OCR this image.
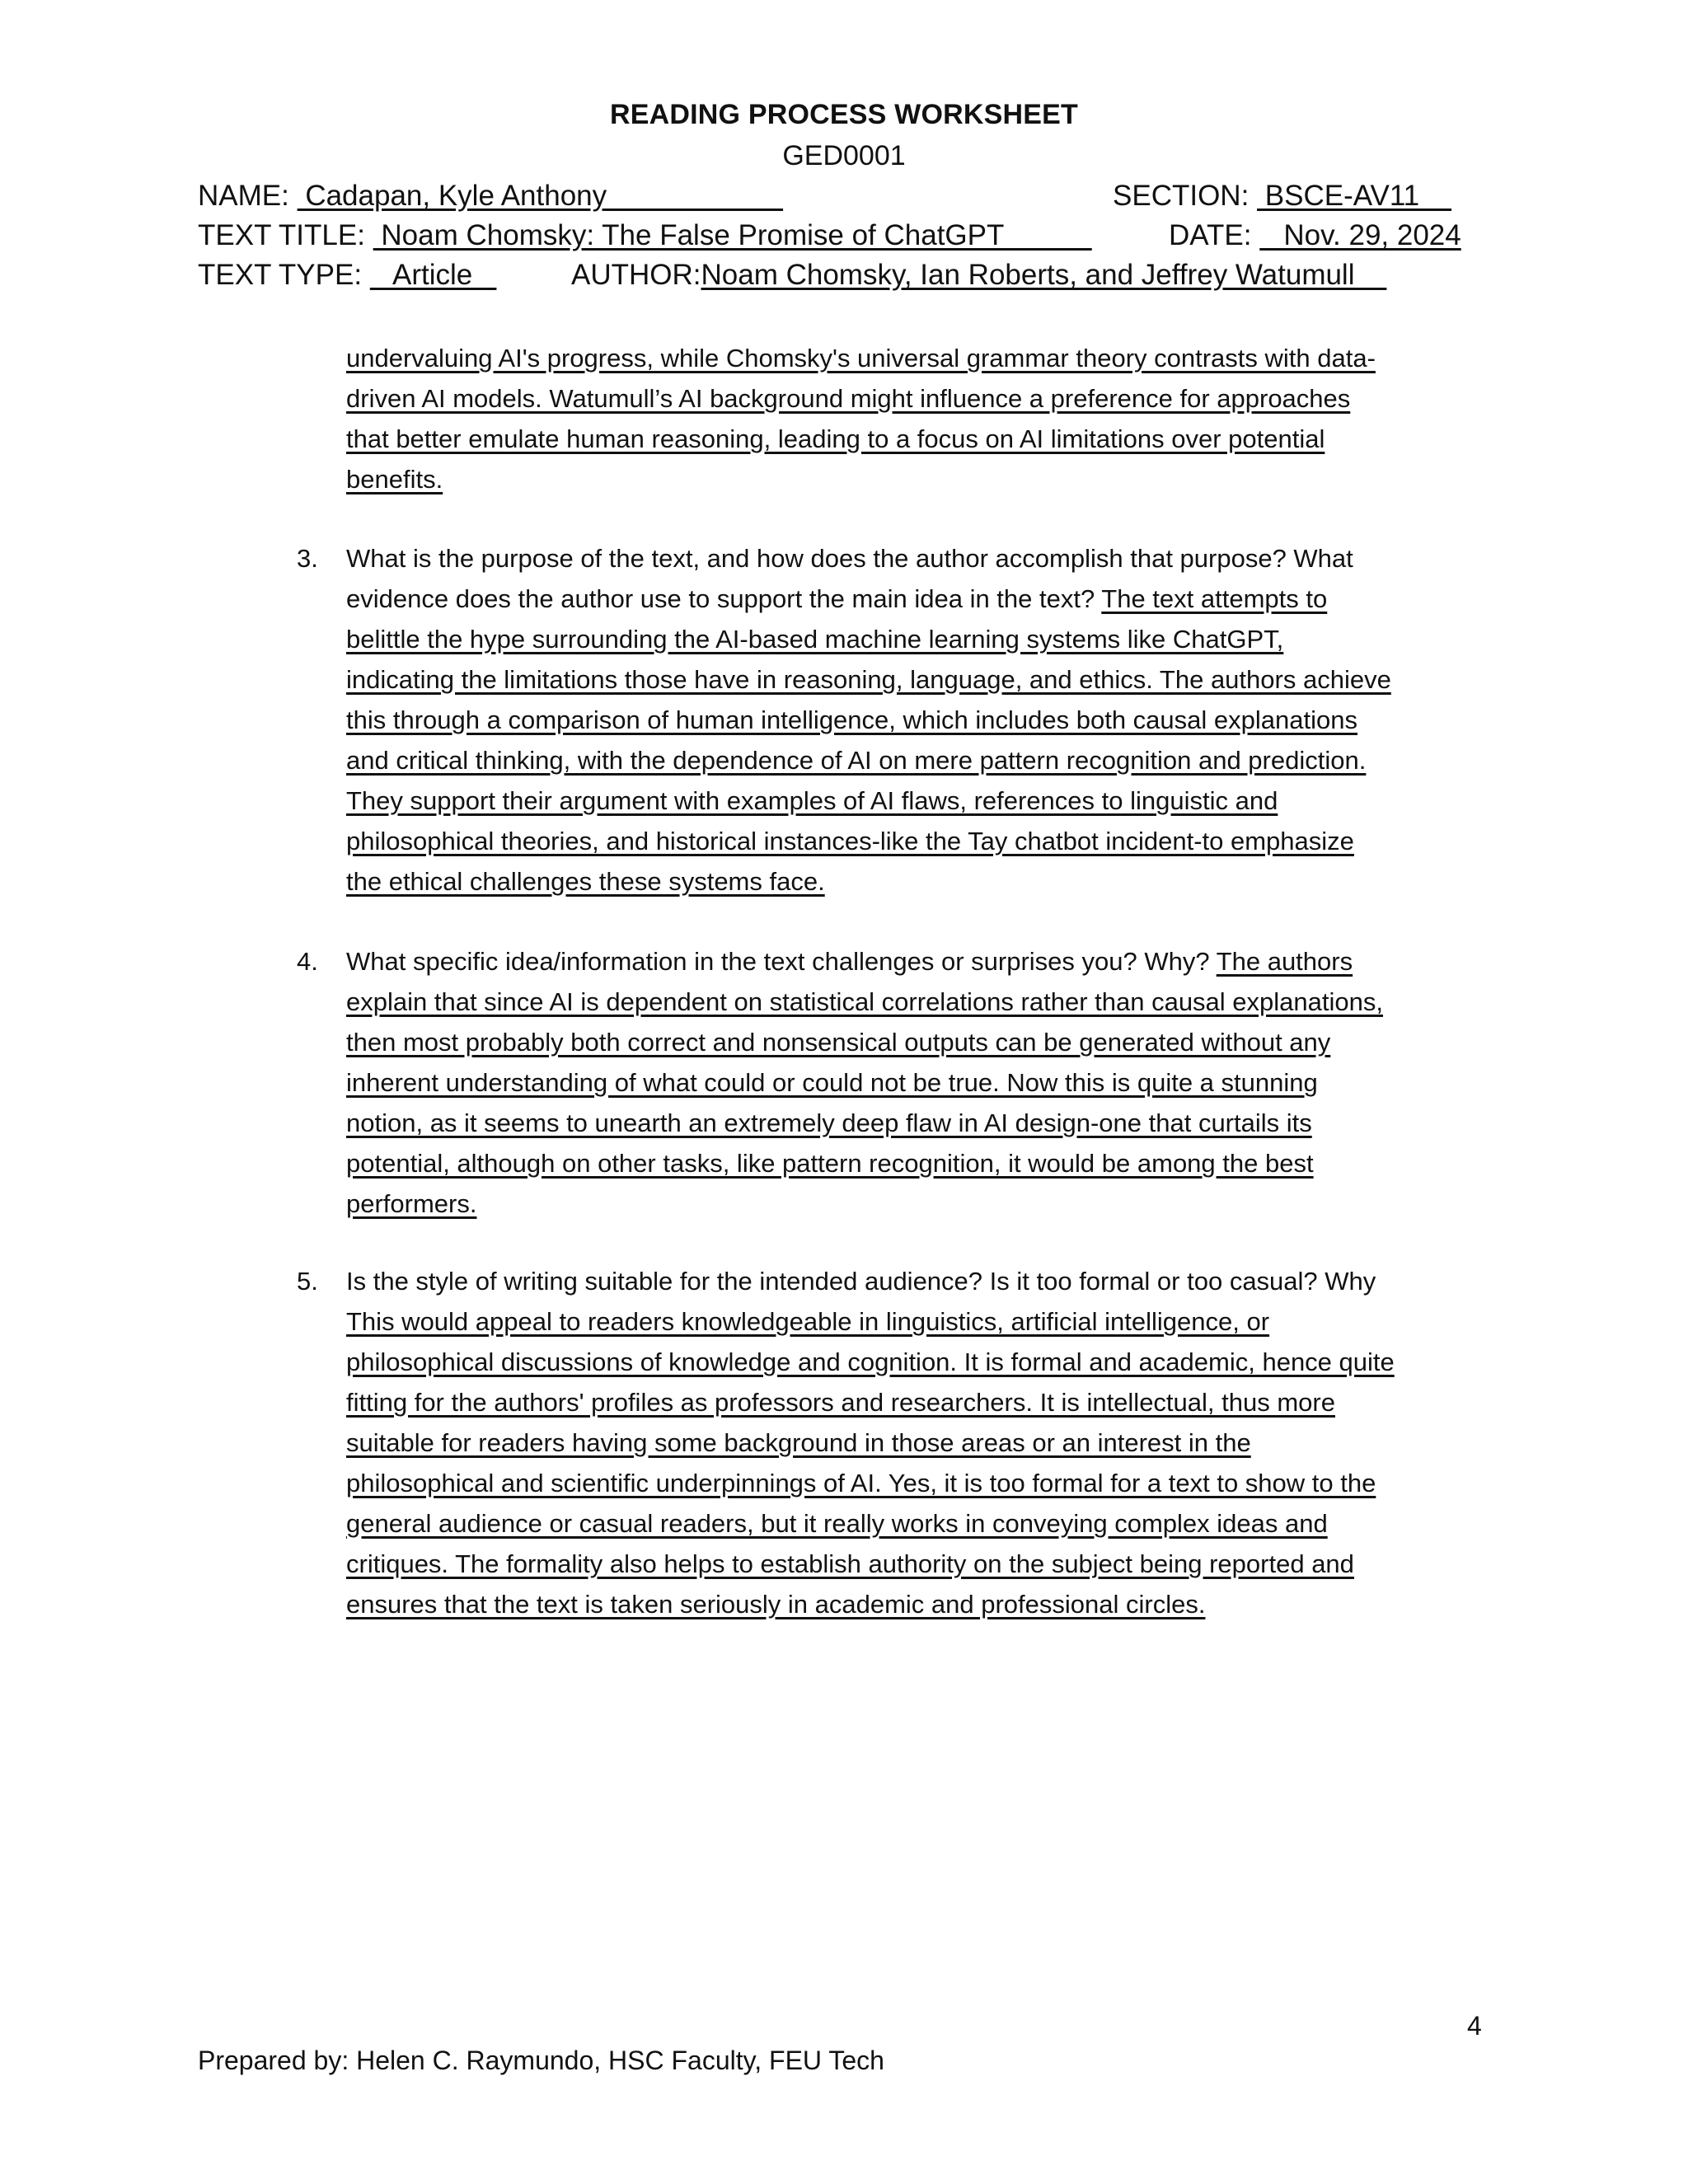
READING PROCESS WORKSHEET
GED0001
NAME:  Cadapan, Kyle Anthony	SECTION:  BSCE-AV11
TEXT TITLE:  Noam Chomsky: The False Promise of ChatGPT	DATE:    Nov. 29, 2024
TEXT TYPE:    Article	AUTHOR:Noam Chomsky, Ian Roberts, and Jeffrey Watumull
undervaluing AI's progress, while Chomsky's universal grammar theory contrasts with data-
driven AI models. Watumull’s AI background might influence a preference for approaches
that better emulate human reasoning, leading to a focus on AI limitations over potential
benefits.
3. What is the purpose of the text, and how does the author accomplish that purpose? What
evidence does the author use to support the main idea in the text? The text attempts to
belittle the hype surrounding the AI-based machine learning systems like ChatGPT,
indicating the limitations those have in reasoning, language, and ethics. The authors achieve
this through a comparison of human intelligence, which includes both causal explanations
and critical thinking, with the dependence of AI on mere pattern recognition and prediction.
They support their argument with examples of AI flaws, references to linguistic and
philosophical theories, and historical instances-like the Tay chatbot incident-to emphasize
the ethical challenges these systems face.
4. What specific idea/information in the text challenges or surprises you? Why? The authors
explain that since AI is dependent on statistical correlations rather than causal explanations,
then most probably both correct and nonsensical outputs can be generated without any
inherent understanding of what could or could not be true. Now this is quite a stunning
notion, as it seems to unearth an extremely deep flaw in AI design-one that curtails its
potential, although on other tasks, like pattern recognition, it would be among the best
performers.
5. Is the style of writing suitable for the intended audience? Is it too formal or too casual? Why
This would appeal to readers knowledgeable in linguistics, artificial intelligence, or
philosophical discussions of knowledge and cognition. It is formal and academic, hence quite
fitting for the authors' profiles as professors and researchers. It is intellectual, thus more
suitable for readers having some background in those areas or an interest in the
philosophical and scientific underpinnings of AI. Yes, it is too formal for a text to show to the
general audience or casual readers, but it really works in conveying complex ideas and
critiques. The formality also helps to establish authority on the subject being reported and
ensures that the text is taken seriously in academic and professional circles.
4
Prepared by: Helen C. Raymundo, HSC Faculty, FEU Tech
